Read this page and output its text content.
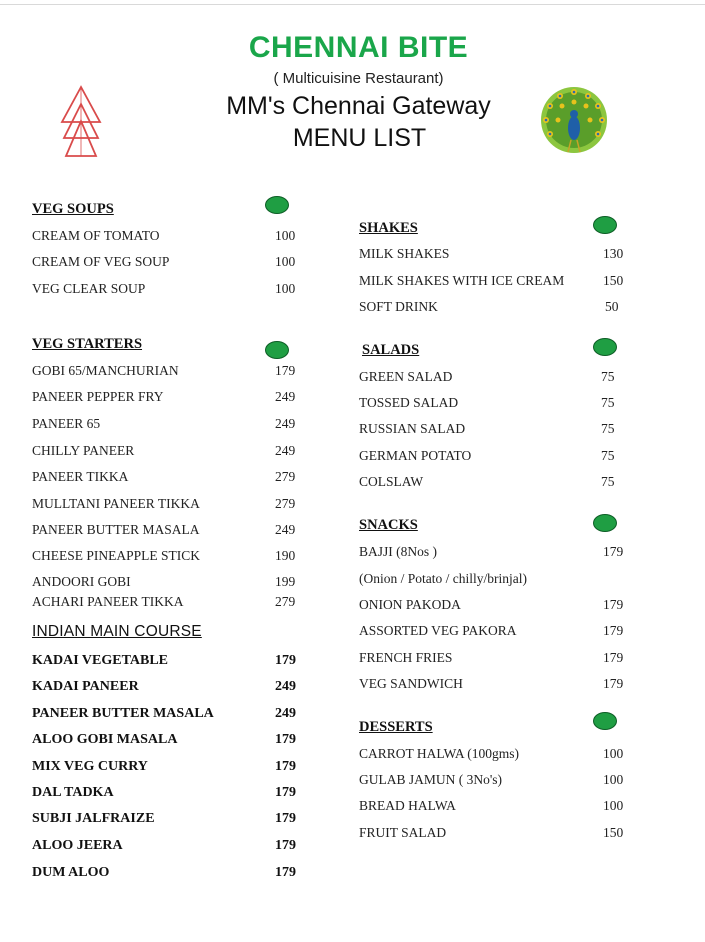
CHENNAI BITE
( Multicuisine Restaurant)
MM's Chennai Gateway
MENU LIST
VEG SOUPS
CREAM OF TOMATO	100
CREAM OF VEG SOUP	100
VEG CLEAR SOUP	100
VEG STARTERS
GOBI 65/MANCHURIAN	179
PANEER PEPPER FRY	249
PANEER 65	249
CHILLY PANEER	249
PANEER TIKKA	279
MULLTANI PANEER TIKKA	279
PANEER BUTTER MASALA	249
CHEESE PINEAPPLE STICK	190
ANDOORI GOBI	199
ACHARI PANEER TIKKA	279
INDIAN MAIN COURSE
KADAI VEGETABLE	179
KADAI PANEER	249
PANEER BUTTER MASALA	249
ALOO GOBI MASALA	179
MIX VEG CURRY	179
DAL TADKA	179
SUBJI JALFRAIZE	179
ALOO JEERA	179
DUM ALOO	179
SHAKES
MILK SHAKES	130
MILK SHAKES WITH ICE CREAM	150
SOFT DRINK	50
SALADS
GREEN SALAD	75
TOSSED SALAD	75
RUSSIAN SALAD	75
GERMAN POTATO	75
COLSLAW	75
SNACKS
BAJJI (8Nos )	179
(Onion / Potato / chilly/brinjal)
ONION PAKODA	179
ASSORTED VEG PAKORA	179
FRENCH FRIES	179
VEG SANDWICH	179
DESSERTS
CARROT HALWA (100gms)	100
GULAB JAMUN ( 3No's)	100
BREAD HALWA	100
FRUIT SALAD	150
